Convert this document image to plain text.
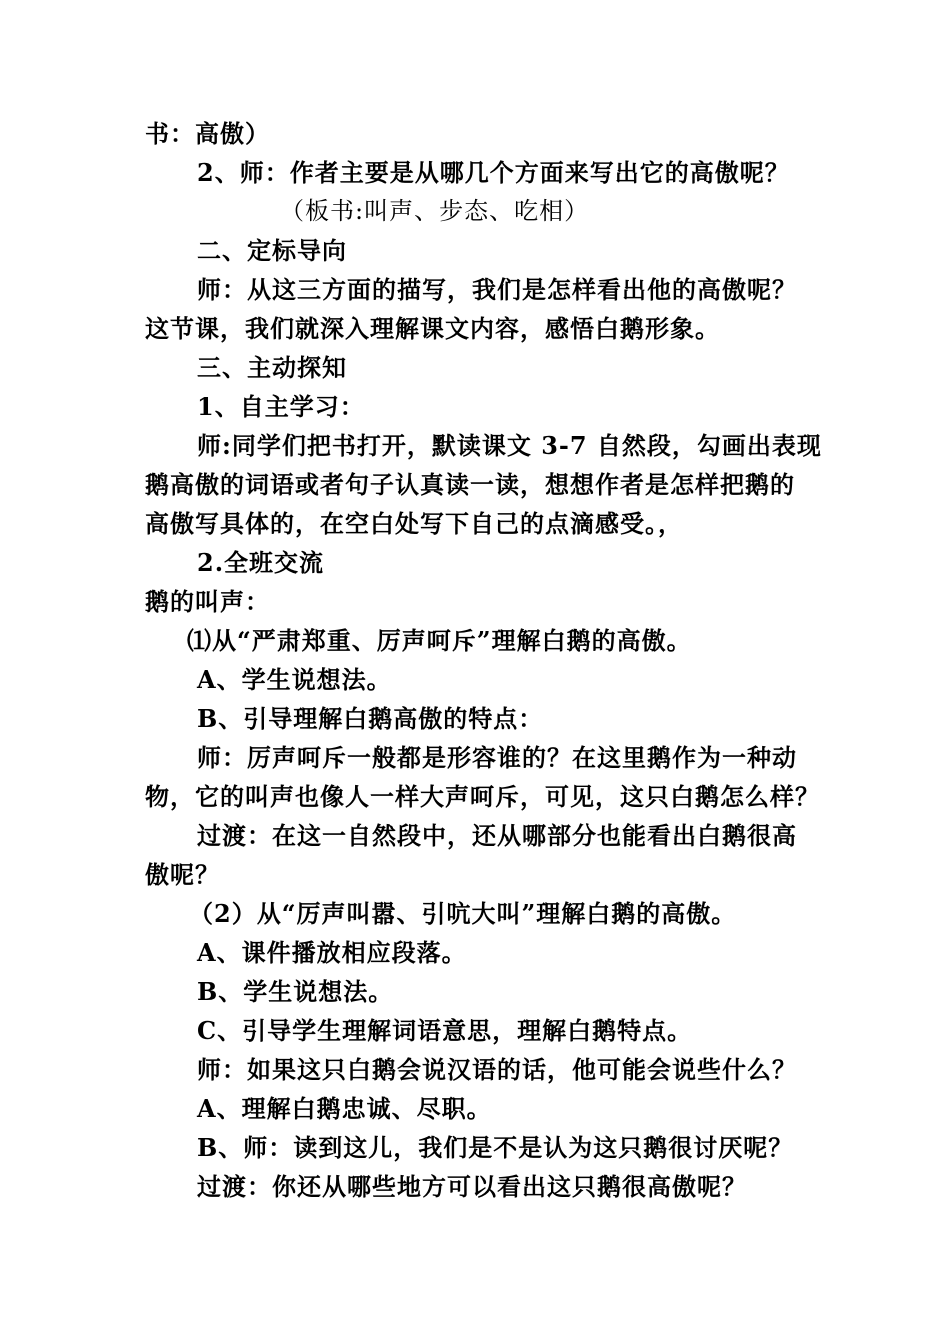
书：高傲）
2、师：作者主要是从哪几个方面来写出它的高傲呢？
（板书:叫声、步态、吃相）
二、定标导向
师：从这三方面的描写，我们是怎样看出他的高傲呢？
这节课，我们就深入理解课文内容，感悟白鹅形象。
三、主动探知
1、自主学习：
师:同学们把书打开，默读课文 3-7 自然段，勾画出表现
鹅高傲的词语或者句子认真读一读，想想作者是怎样把鹅的
高傲写具体的，在空白处写下自己的点滴感受。，
2.全班交流
鹅的叫声：
⑴从“严肃郑重、厉声呵斥”理解白鹅的高傲。
A、学生说想法。
B、引导理解白鹅高傲的特点：
师：厉声呵斥一般都是形容谁的？在这里鹅作为一种动
物，它的叫声也像人一样大声呵斥，可见，这只白鹅怎么样？
过渡：在这一自然段中，还从哪部分也能看出白鹅很高
傲呢？
（2）从“厉声叫嚣、引吭大叫”理解白鹅的高傲。
A、课件播放相应段落。
B、学生说想法。
C、引导学生理解词语意思，理解白鹅特点。
师：如果这只白鹅会说汉语的话，他可能会说些什么？
A、理解白鹅忠诚、尽职。
B、师：读到这儿，我们是不是认为这只鹅很讨厌呢？
过渡：你还从哪些地方可以看出这只鹅很高傲呢？
